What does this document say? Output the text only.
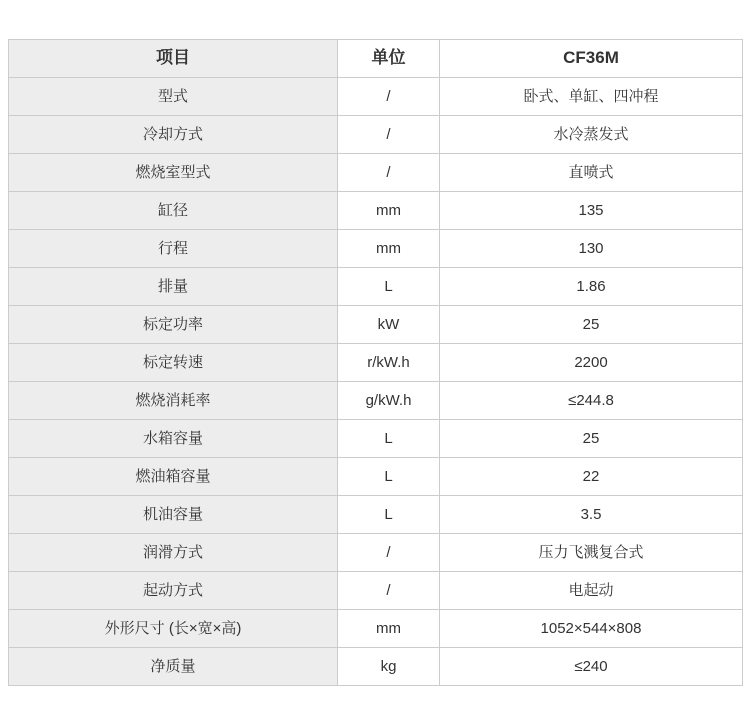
项目	单位	CF36M
型式	/	卧式、单缸、四冲程
冷却方式	/	水冷蒸发式
燃烧室型式	/	直喷式
缸径	mm	135
行程	mm	130
排量	L	1.86
标定功率	kW	25
标定转速	r/kW.h	2200
燃烧消耗率	g/kW.h	≤244.8
水箱容量	L	25
燃油箱容量	L	22
机油容量	L	3.5
润滑方式	/	压力飞溅复合式
起动方式	/	电起动
外形尺寸 (长×宽×高)	mm	1052×544×808
净质量	kg	≤240
